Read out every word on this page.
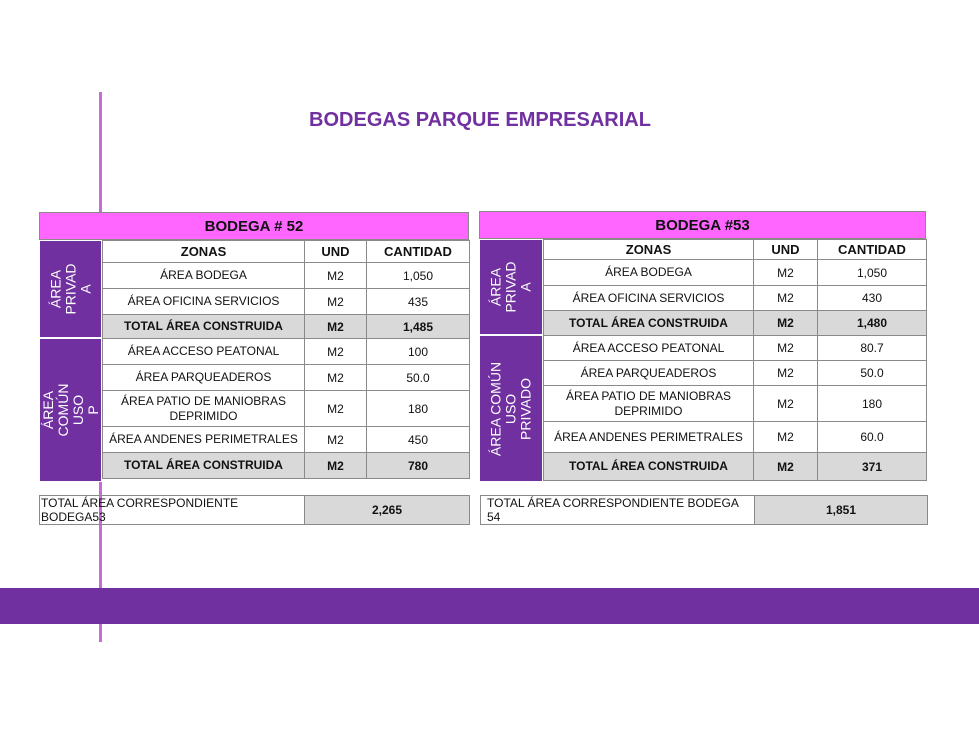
BODEGAS PARQUE EMPRESARIAL
BODEGA # 52
ÁREA
PRIVAD
A
ÁREA
COMÚN
USO
P
ZONAS	UND	CANTIDAD
ÁREA BODEGA	M2	1,050
ÁREA OFICINA SERVICIOS	M2	435
TOTAL ÁREA CONSTRUIDA	M2	1,485
ÁREA ACCESO PEATONAL	M2	100
ÁREA PARQUEADEROS	M2	50.0
ÁREA PATIO DE MANIOBRAS DEPRIMIDO	M2	180
ÁREA ANDENES PERIMETRALES	M2	450
TOTAL ÁREA CONSTRUIDA	M2	780
TOTAL ÁREA CORRESPONDIENTE BODEGA53	2,265
BODEGA #53
ÁREA
PRIVAD
A
ÁREA COMÚN
USO
PRIVADO
ZONAS	UND	CANTIDAD
ÁREA BODEGA	M2	1,050
ÁREA OFICINA SERVICIOS	M2	430
TOTAL ÁREA CONSTRUIDA	M2	1,480
ÁREA ACCESO PEATONAL	M2	80.7
ÁREA PARQUEADEROS	M2	50.0
ÁREA PATIO DE MANIOBRAS DEPRIMIDO	M2	180
ÁREA ANDENES PERIMETRALES	M2	60.0
TOTAL ÁREA CONSTRUIDA	M2	371
TOTAL ÁREA CORRESPONDIENTE BODEGA 54	1,851
